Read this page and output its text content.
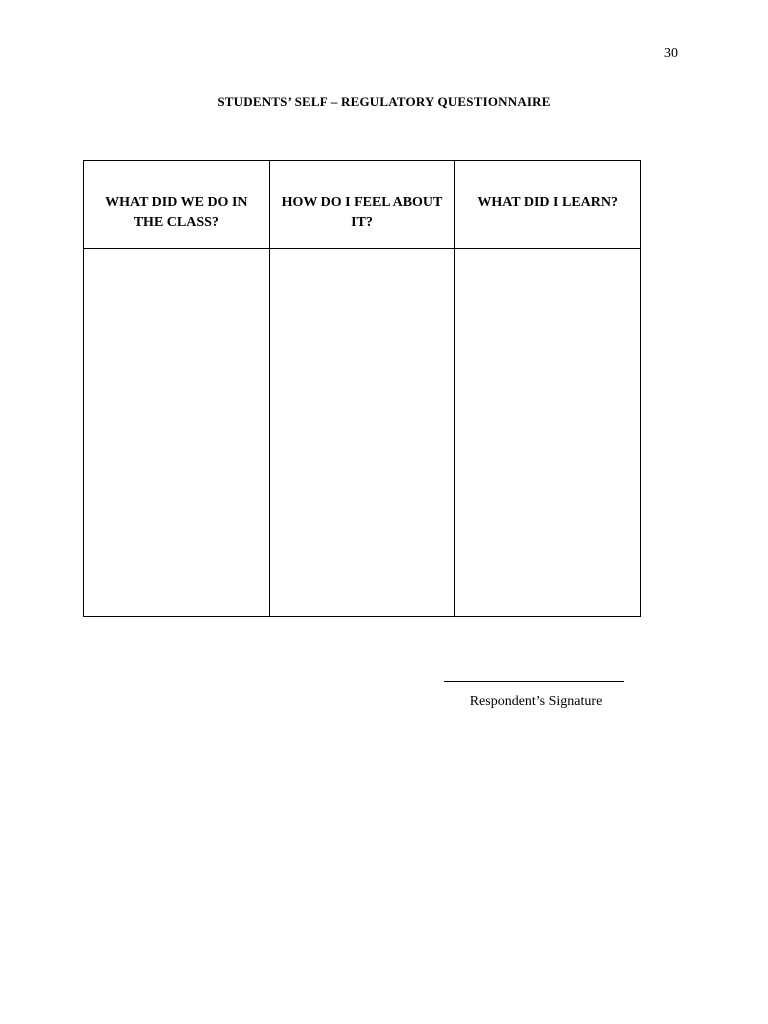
30
STUDENTS’ SELF – REGULATORY QUESTIONNAIRE
WHAT DID WE DO IN THE CLASS?	HOW DO I FEEL ABOUT IT?	WHAT DID I LEARN?

Respondent’s Signature
